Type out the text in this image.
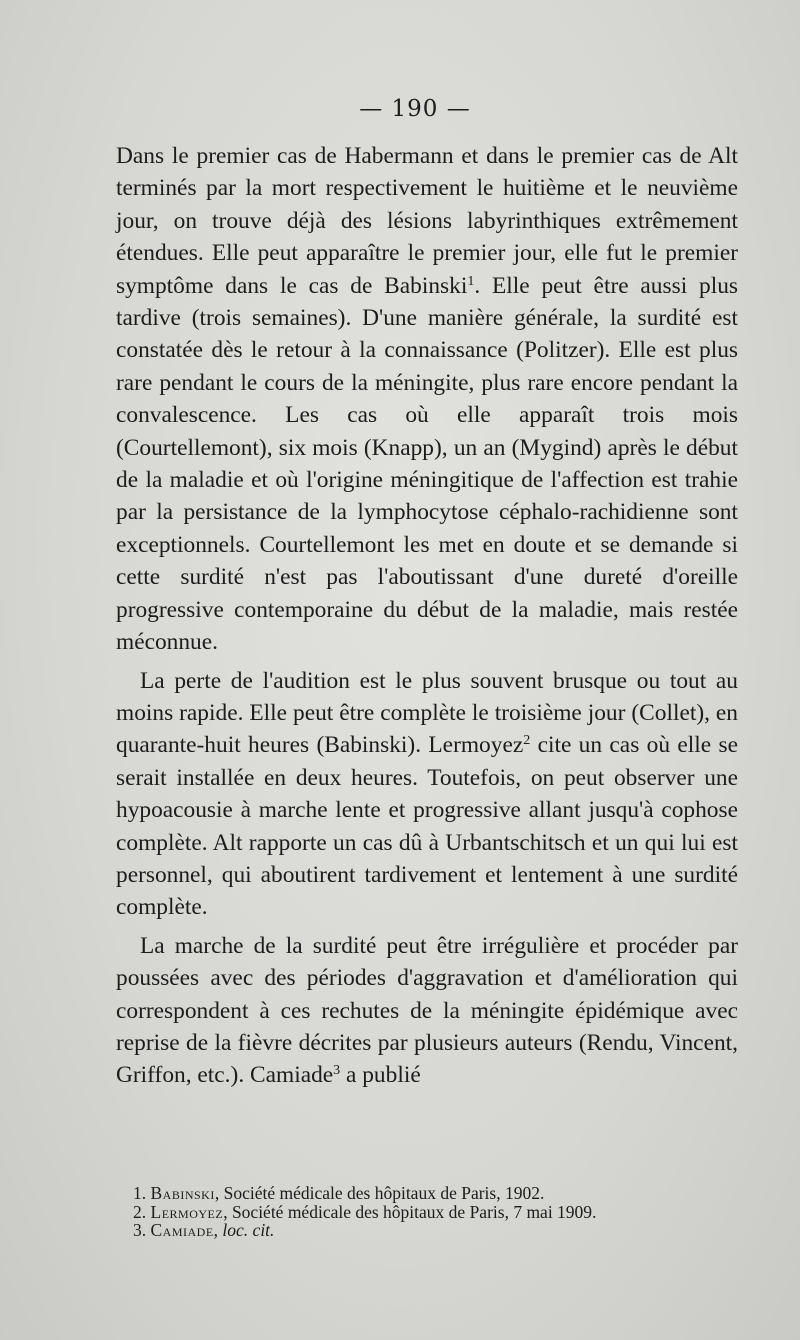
— 190 —

Dans le premier cas de Habermann et dans le premier cas de Alt terminés par la mort respectivement le huitième et le neuvième jour, on trouve déjà des lésions labyrinthiques extrêmement étendues. Elle peut apparaître le premier jour, elle fut le premier symptôme dans le cas de Babinski$^1$. Elle peut être aussi plus tardive (trois semaines). D'une manière générale, la surdité est constatée dès le retour à la connaissance (Politzer). Elle est plus rare pendant le cours de la méningite, plus rare encore pendant la convalescence. Les cas où elle apparaît trois mois (Courtellemont), six mois (Knapp), un an (Mygind) après le début de la maladie et où l'origine méningitique de l'affection est trahie par la persistance de la lymphocytose céphalo-rachidienne sont exceptionnels. Courtellemont les met en doute et se demande si cette surdité n'est pas l'aboutissant d'une dureté d'oreille progressive contemporaine du début de la maladie, mais restée méconnue.

La perte de l'audition est le plus souvent brusque ou tout au moins rapide. Elle peut être complète le troisième jour (Collet), en quarante-huit heures (Babinski). Lermoyez$^2$ cite un cas où elle se serait installée en deux heures. Toutefois, on peut observer une hypoacousie à marche lente et progressive allant jusqu'à cophose complète. Alt rapporte un cas dû à Urbantschitsch et un qui lui est personnel, qui aboutirent tardivement et lentement à une surdité complète.

La marche de la surdité peut être irrégulière et procéder par poussées avec des périodes d'aggravation et d'amélioration qui correspondent à ces rechutes de la méningite épidémique avec reprise de la fièvre décrites par plusieurs auteurs (Rendu, Vincent, Griffon, etc.). Camiade$^3$ a publié

1. Babinski, Société médicale des hôpitaux de Paris, 1902.
2. Lermoyez, Société médicale des hôpitaux de Paris, 7 mai 1909.
3. Camiade, loc. cit.
